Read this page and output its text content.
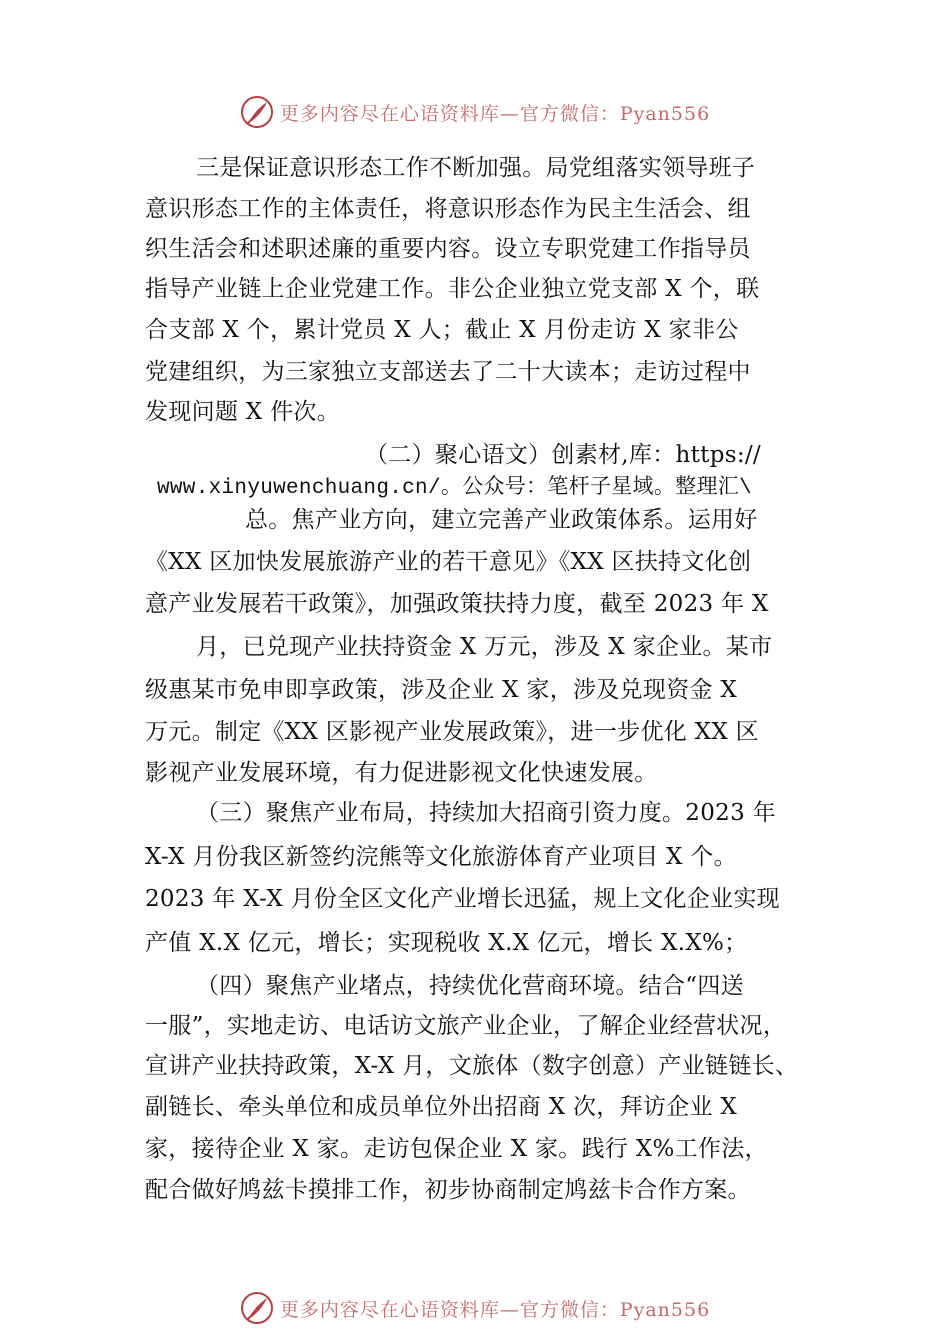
更多内容尽在心语资料库—官方微信：Pyan556
三是保证意识形态工作不断加强。局党组落实领导班子
意识形态工作的主体责任，将意识形态作为民主生活会、组
织生活会和述职述廉的重要内容。设立专职党建工作指导员
指导产业链上企业党建工作。非公企业独立党支部 X 个，联
合支部 X 个，累计党员 X 人；截止 X 月份走访 X 家非公
党建组织，为三家独立支部送去了二十大读本；走访过程中
发现问题 X 件次。
（二）聚心语文）创素材,库：https://
www.xinyuwenchuang.cn/。公众号：笔杆子星域。整理汇\
总。焦产业方向，建立完善产业政策体系。运用好
《XX 区加快发展旅游产业的若干意见》《XX 区扶持文化创
意产业发展若干政策》，加强政策扶持力度，截至 2023 年 X
月，已兑现产业扶持资金 X 万元，涉及 X 家企业。某市
级惠某市免申即享政策，涉及企业 X 家，涉及兑现资金 X
万元。制定《XX 区影视产业发展政策》，进一步优化 XX 区
影视产业发展环境，有力促进影视文化快速发展。
（三）聚焦产业布局，持续加大招商引资力度。2023 年
X-X 月份我区新签约浣熊等文化旅游体育产业项目 X 个。
2023 年 X-X 月份全区文化产业增长迅猛，规上文化企业实现
产值 X.X 亿元，增长；实现税收 X.X 亿元，增长 X.X%；
（四）聚焦产业堵点，持续优化营商环境。结合“四送
一服”，实地走访、电话访文旅产业企业，了解企业经营状况，
宣讲产业扶持政策，X-X 月，文旅体（数字创意）产业链链长、
副链长、牵头单位和成员单位外出招商 X 次，拜访企业 X
家，接待企业 X 家。走访包保企业 X 家。践行 X%工作法，
配合做好鸠兹卡摸排工作，初步协商制定鸠兹卡合作方案。
更多内容尽在心语资料库—官方微信：Pyan556
